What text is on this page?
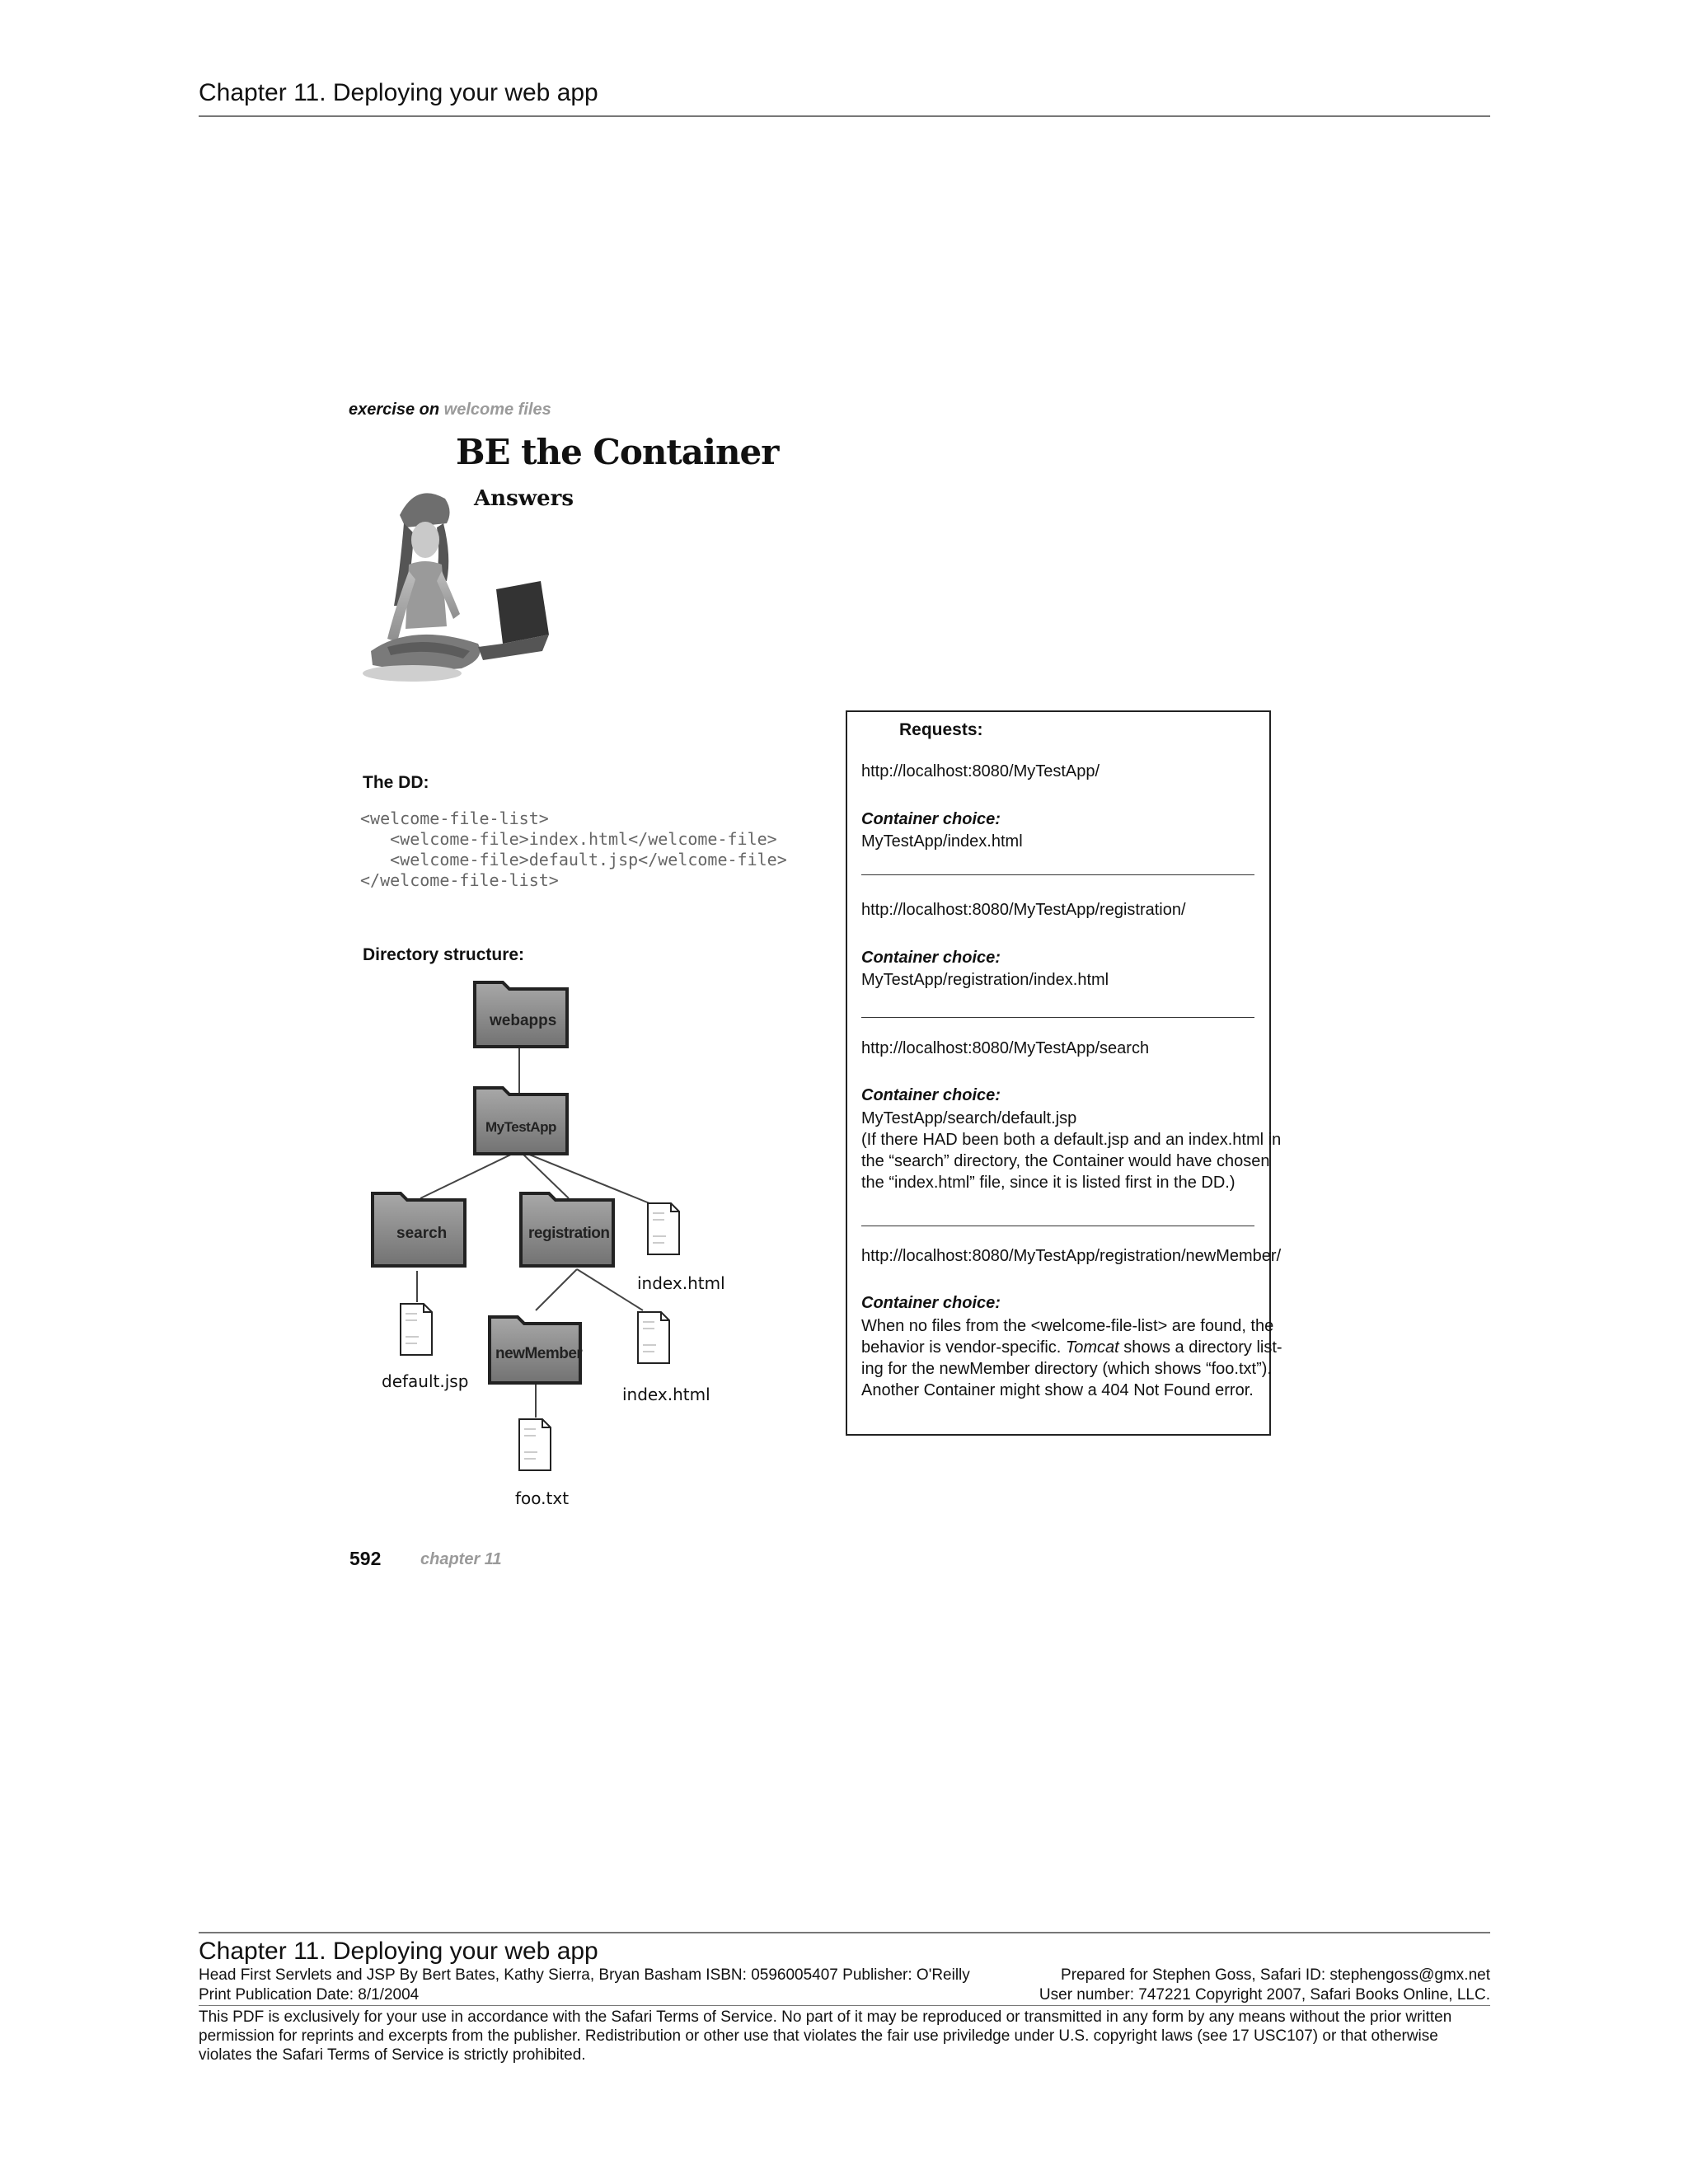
Chapter 11. Deploying your web app
exercise on welcome files
BE the Container
Answers
The DD:
<welcome-file-list>
<welcome-file>index.html</welcome-file>
<welcome-file>default.jsp</welcome-file>
</welcome-file-list>
Directory structure:
webapps
MyTestApp
search	registration
newMember
index.html
default.jsp
index.html
foo.txt
Requests:
http://localhost:8080/MyTestApp/
Container choice:
MyTestApp/index.html
http://localhost:8080/MyTestApp/registration/
Container choice:
MyTestApp/registration/index.html
http://localhost:8080/MyTestApp/search
Container choice:
MyTestApp/search/default.jsp
(If there HAD been both a default.jsp and an index.html in
the “search” directory, the Container would have chosen
the “index.html” file, since it is listed first in the DD.)
http://localhost:8080/MyTestApp/registration/newMember/
Container choice:
When no files from the <welcome-file-list> are found, the
behavior is vendor-specific. Tomcat shows a directory list-
ing for the newMember directory (which shows “foo.txt”).
Another Container might show a 404 Not Found error.
592 chapter 11
Chapter 11. Deploying your web app
Head First Servlets and JSP By Bert Bates, Kathy Sierra, Bryan Basham ISBN: 0596005407 Publisher: O'Reilly	Prepared for Stephen Goss, Safari ID: stephengoss@gmx.net
Print Publication Date: 8/1/2004	User number: 747221 Copyright 2007, Safari Books Online, LLC.
This PDF is exclusively for your use in accordance with the Safari Terms of Service. No part of it may be reproduced or transmitted in any form by any means without the prior written permission for reprints and excerpts from the publisher. Redistribution or other use that violates the fair use priviledge under U.S. copyright laws (see 17 USC107) or that otherwise violates the Safari Terms of Service is strictly prohibited.
